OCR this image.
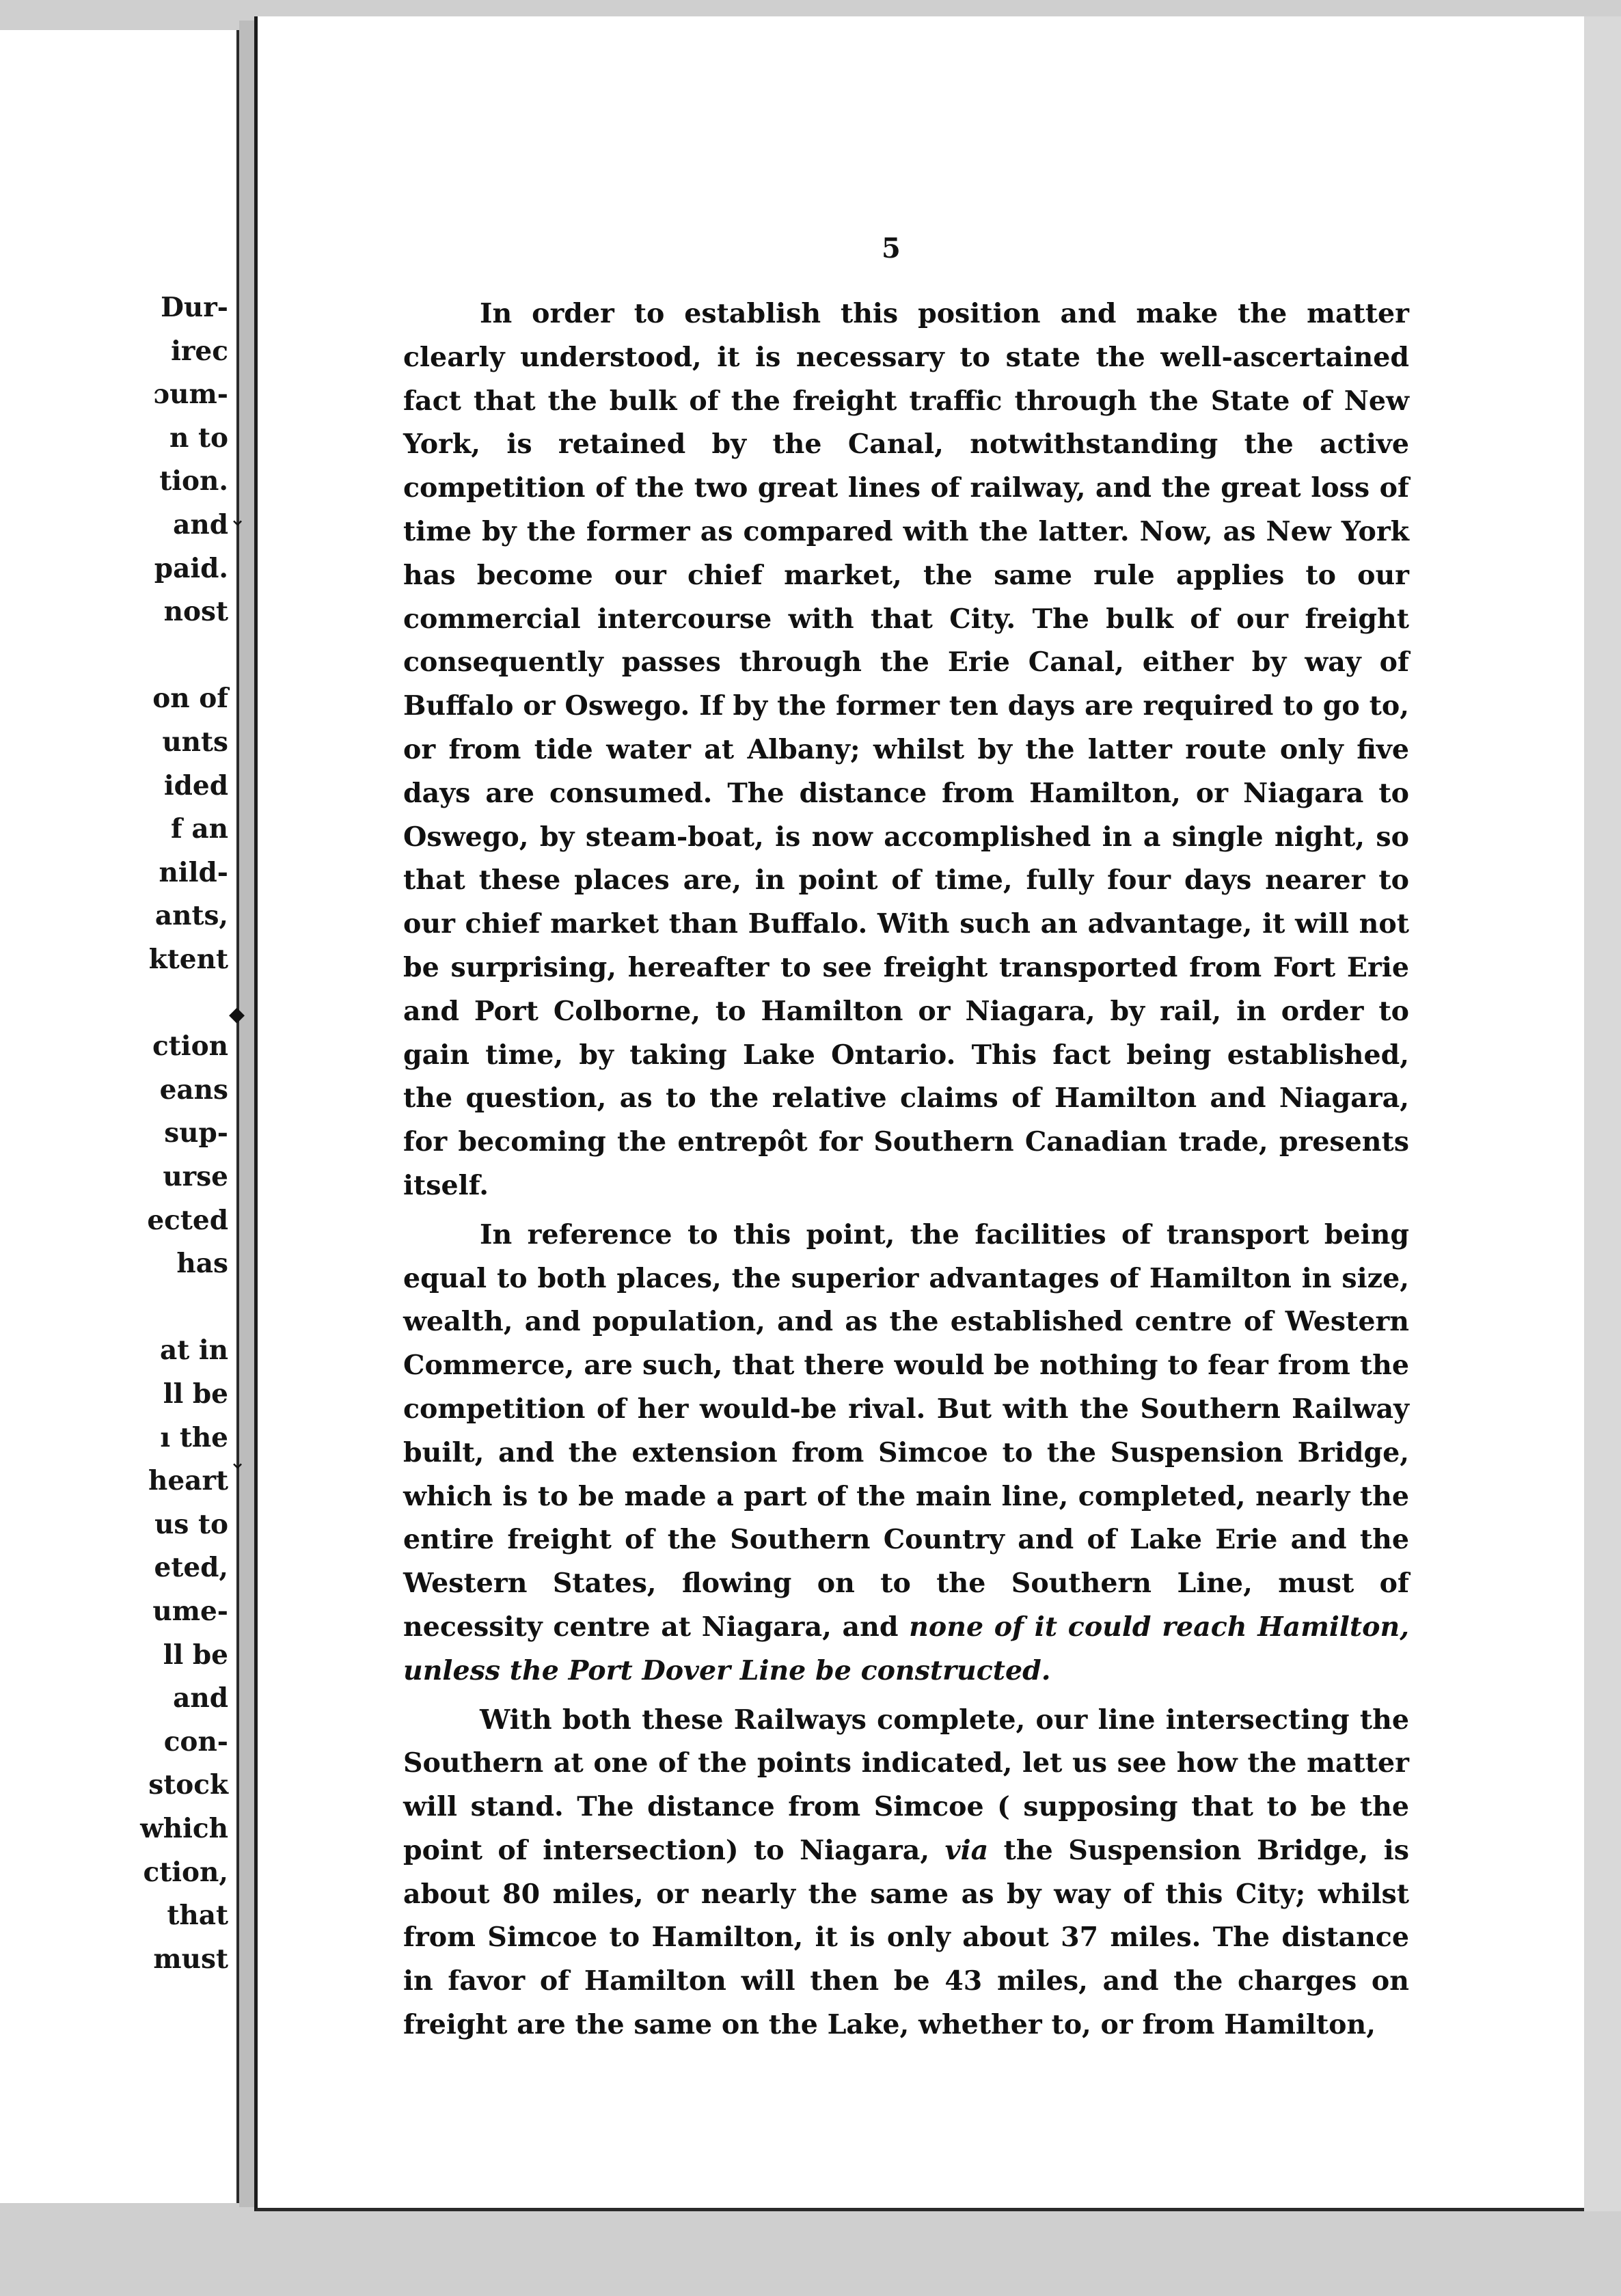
Dur-
irec
ɔum-
n to
tion.
and
paid.
nost
on of
unts
ided
f an
nild-
ants,
ktent
ction
eans
sup-
urse
ected
has
at in
ll be
ı the
heart
us to
eted,
ume-
ll be
and
con-
stock
which
ction,
that
must
⌄
◆
⌄
5

In order to establish this position and make the matter clearly understood, it is necessary to state the well-ascertained fact that the bulk of the freight traffic through the State of New York, is retained by the Canal, notwithstanding the active competition of the two great lines of railway, and the great loss of time by the former as compared with the latter. Now, as New York has become our chief market, the same rule applies to our commercial intercourse with that City. The bulk of our freight consequently passes through the Erie Canal, either by way of Buffalo or Oswego. If by the former ten days are required to go to, or from tide water at Albany; whilst by the latter route only five days are consumed. The distance from Hamilton, or Niagara to Oswego, by steam-boat, is now accomplished in a single night, so that these places are, in point of time, fully four days nearer to our chief market than Buffalo. With such an advantage, it will not be surprising, hereafter to see freight transported from Fort Erie and Port Colborne, to Hamilton or Niagara, by rail, in order to gain time, by taking Lake Ontario. This fact being established, the question, as to the relative claims of Hamilton and Niagara, for becoming the entrepôt for Southern Canadian trade, presents itself.

In reference to this point, the facilities of transport being equal to both places, the superior advantages of Hamilton in size, wealth, and population, and as the established centre of Western Commerce, are such, that there would be nothing to fear from the competition of her would-be rival. But with the Southern Railway built, and the extension from Simcoe to the Suspension Bridge, which is to be made a part of the main line, completed, nearly the entire freight of the Southern Country and of Lake Erie and the Western States, flowing on to the Southern Line, must of necessity centre at Niagara, and none of it could reach Hamilton, unless the Port Dover Line be constructed.

With both these Railways complete, our line intersecting the Southern at one of the points indicated, let us see how the matter will stand. The distance from Simcoe ( supposing that to be the point of intersection) to Niagara, via the Suspension Bridge, is about 80 miles, or nearly the same as by way of this City; whilst from Simcoe to Hamilton, it is only about 37 miles. The distance in favor of Hamilton will then be 43 miles, and the charges on freight are the same on the Lake, whether to, or from Hamilton,
